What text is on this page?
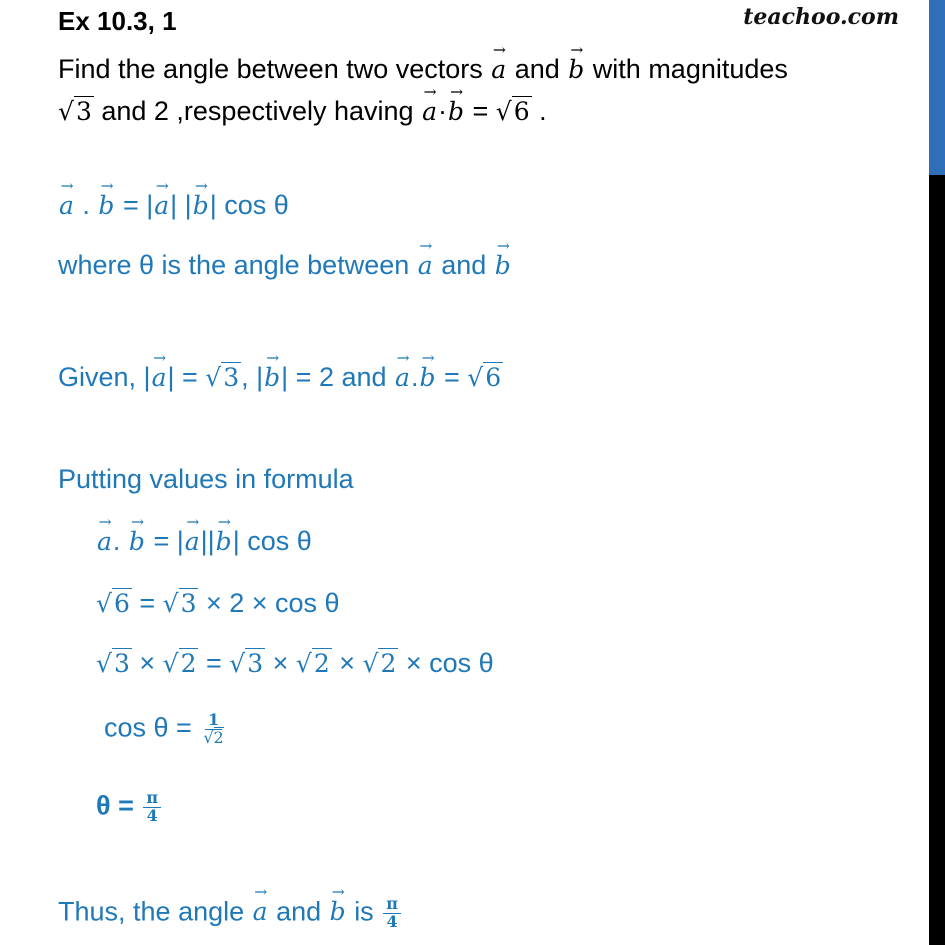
Ex 10.3, 1	teachoo.com
Find the angle between two vectors → a and → b with magnitudes
√3 and 2 ,respectively having → a·→ b = √6 .
→ a . → b = |→ a| |→ b| cos θ
where θ is the angle between → a and → b
Given, |→ a| = √3, |→ b| = 2 and → a.→ b = √6
Putting values in formula
→ a. → b = |→ a||→ b| cos θ
√6 = √3 × 2 × cos θ
√3 × √2 = √3 × √2 × √2 × cos θ
$\cos \theta = \frac{1}{√2}$
$\theta = \frac{\pi}{4}$
Thus, the angle → a and → b is $\frac{\pi}{4}$
